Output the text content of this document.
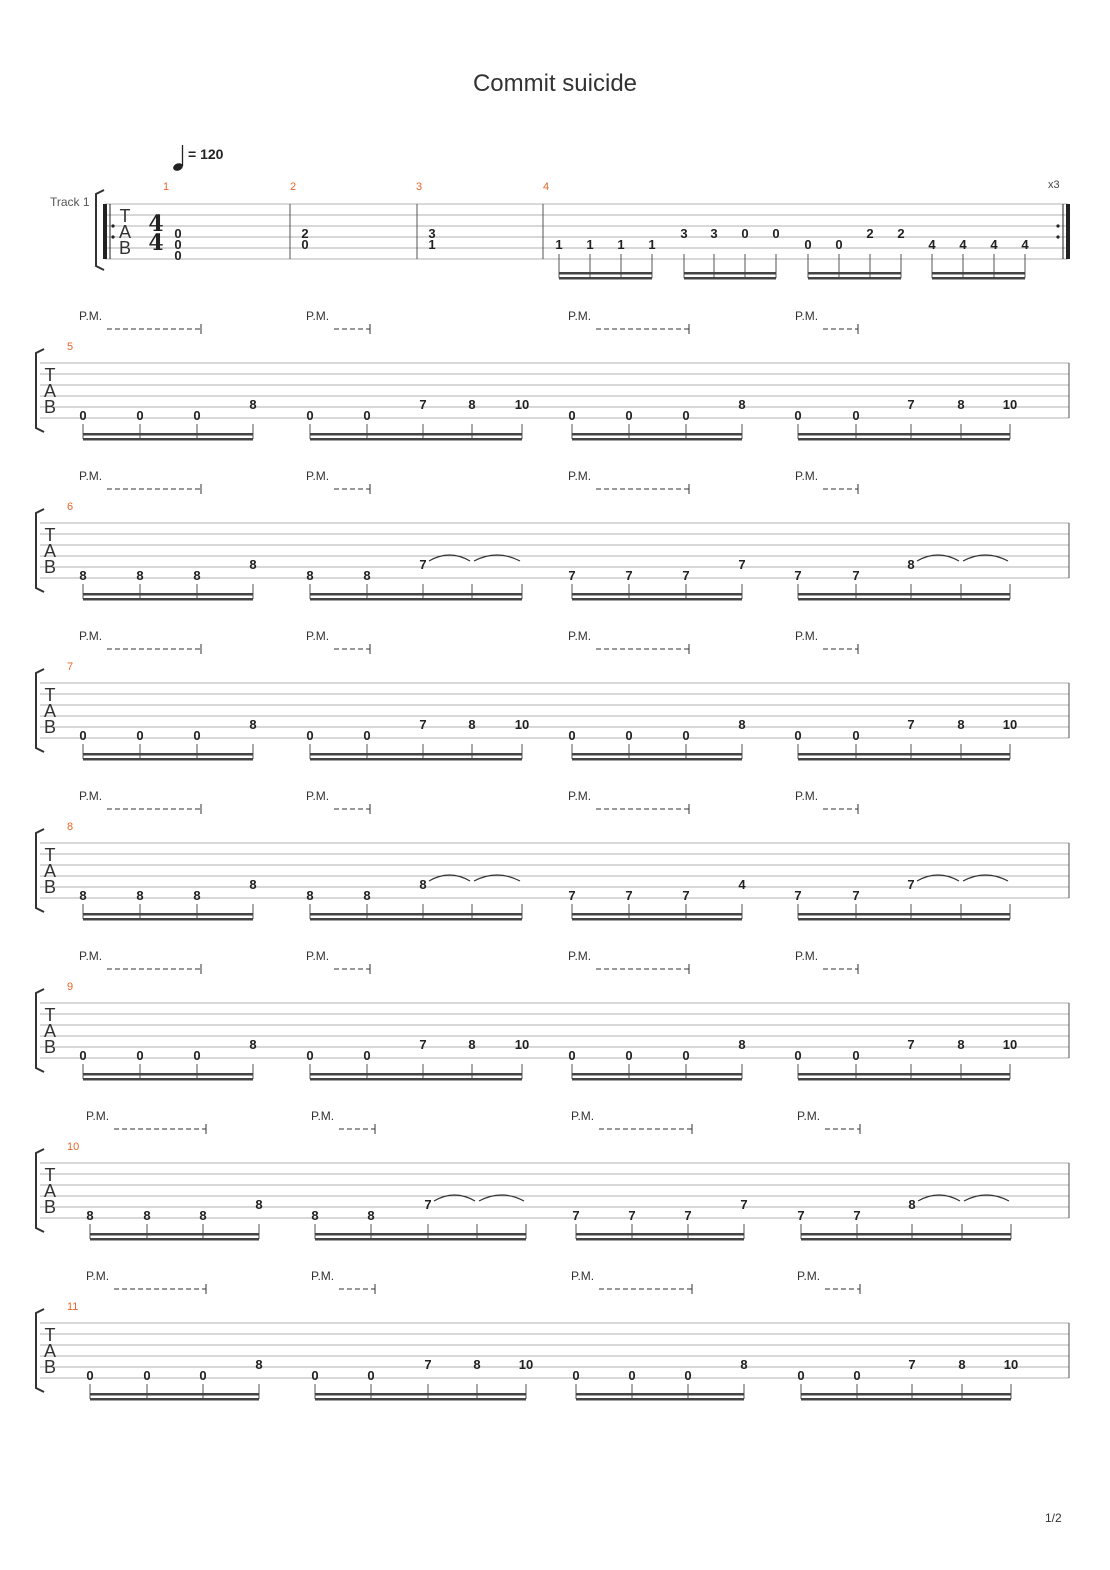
Commit suicide
= 120
Track 1
T
A
B
4
4
1	2	3	4
0
0
0
2
0
3
1	1 1 1 1
3 3 0 0
0 0
2 2
4 4 4 4
x3
T
A
B
5
P.M.	P.M.	P.M.	P.M.
0	0	0
8
0	0
7	8	10
0	0	0
8
0	0
7	8	10
T
A
B
6
P.M.	P.M.	P.M.	P.M.
8	8	8
8
8	8
7
7	7	7
7
7	7
8
T
A
B
7
P.M.	P.M.	P.M.	P.M.
0	0	0
8
0	0
7	8	10
0	0	0
8
0	0
7	8	10
T
A
B
8
P.M.	P.M.	P.M.	P.M.
8	8	8
8
8	8
8
7	7	7
4
7	7
7
T
A
B
9
P.M.	P.M.	P.M.	P.M.
0	0	0
8
0	0
7	8	10
0	0	0
8
0	0
7	8	10
T
A
B
10
P.M.	P.M.	P.M.	P.M.
8	8	8
8
8	8
7
7	7	7
7
7	7
8
T
A
B
11
P.M.	P.M.	P.M.	P.M.
0	0	0
8
0	0
7	8	10
0	0	0
8
0	0
7	8	10
1/2
